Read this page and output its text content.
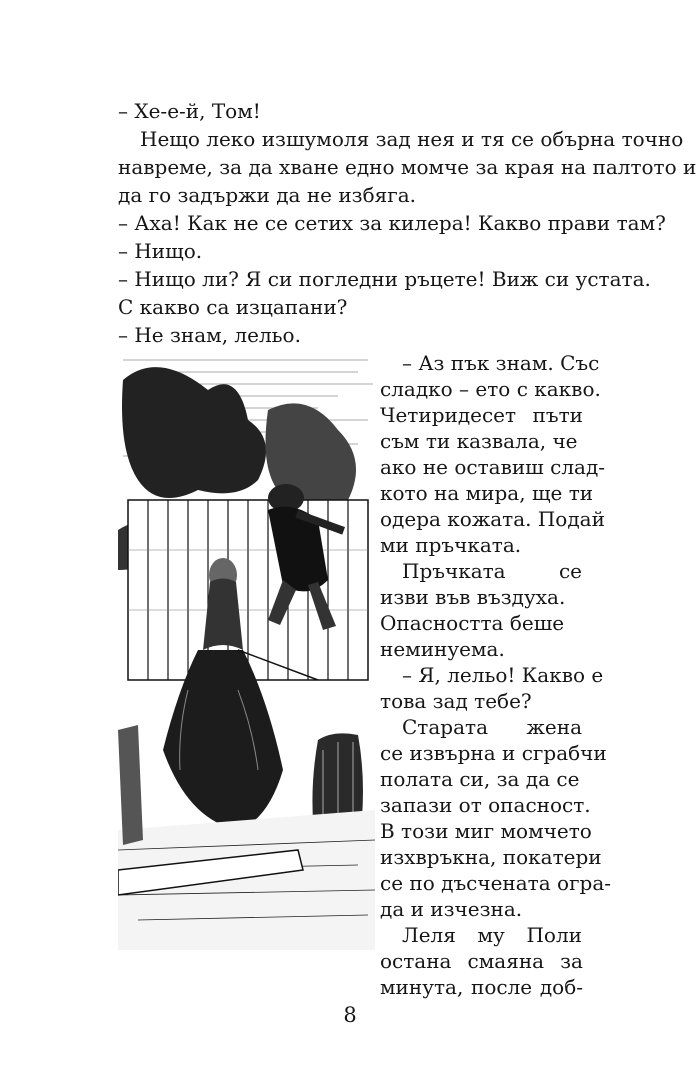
– Хе-е-й, Том!

Нещо леко изшумоля зад нея и тя се обърна точно

навреме, за да хване едно момче за края на палтото и

да го задържи да не избяга.

– Аха! Как не се сетих за килера! Какво прави там?

– Нищо.

– Нищо ли? Я си погледни ръцете! Виж си устата.

С какво са изцапани?

– Не знам, лельо.

– Аз пък знам. Със

сладко – ето с какво.

Четиридесет пъти

съм ти казвала, че

ако не оставиш слад-

кото на мира, ще ти

одера кожата. Подай

ми пръчката.

Пръчката	се

изви във въздуха.

Опасността беше

неминуема.

– Я, лельо! Какво е

това зад тебе?

Старата жена

се извърна и сграбчи

полата си, за да се

запази от опасност.

В този миг момчето

изхвръкна, покатери

се по дъсчената огра-

да и изчезна.

Леля му Поли

остана смаяна за

8

минута, после доб-
